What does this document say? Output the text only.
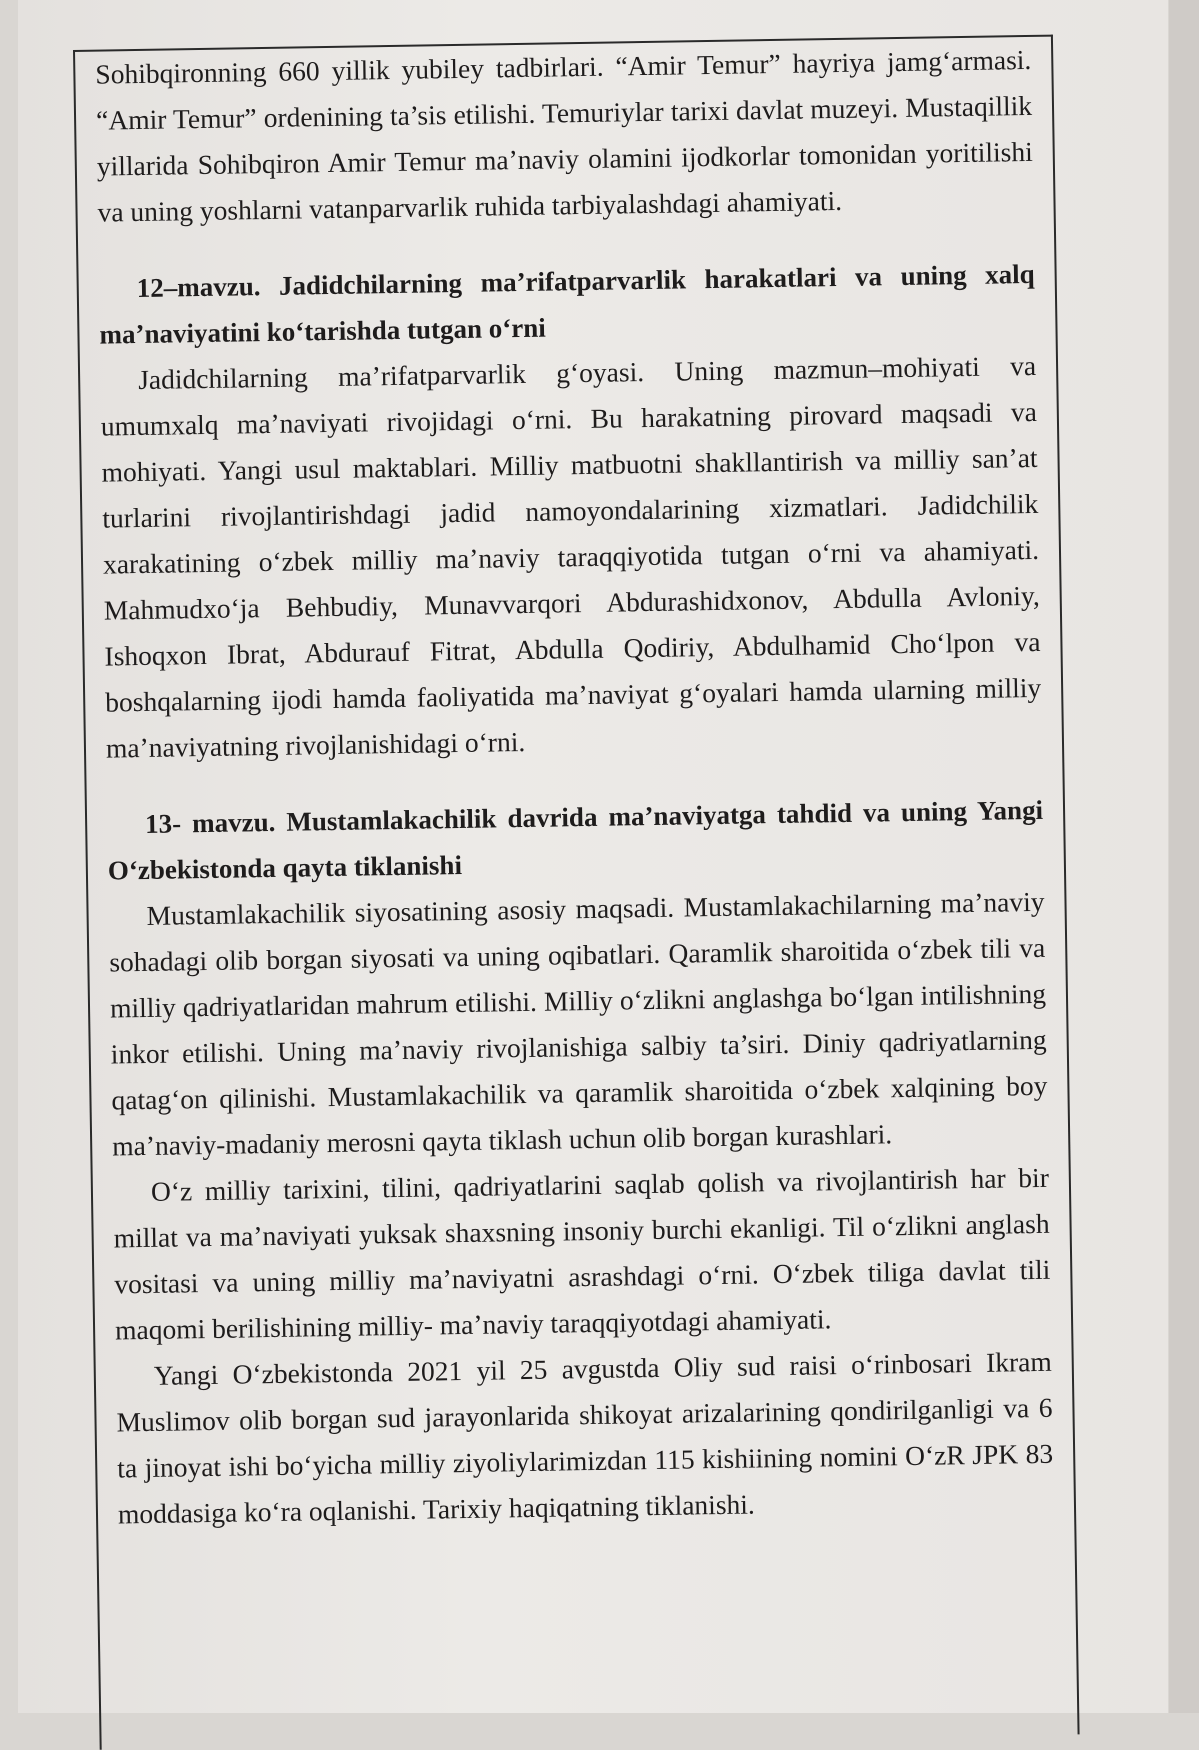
Sohibqironning 660 yillik yubiley tadbirlari. “Amir Temur” hayriya jamg‘armasi. “Amir Temur” ordenining ta’sis etilishi. Temuriylar tarixi davlat muzeyi. Mustaqillik yillarida Sohibqiron Amir Temur ma’naviy olamini ijodkorlar tomonidan yoritilishi va uning yoshlarni vatanparvarlik ruhida tarbiyalashdagi ahamiyati.

12–mavzu. Jadidchilarning ma’rifatparvarlik harakatlari va uning xalq ma’naviyatini ko‘tarishda tutgan o‘rni

Jadidchilarning ma’rifatparvarlik g‘oyasi. Uning mazmun–mohiyati va umumxalq ma’naviyati rivojidagi o‘rni. Bu harakatning pirovard maqsadi va mohiyati. Yangi usul maktablari. Milliy matbuotni shakllantirish va milliy san’at turlarini rivojlantirishdagi jadid namoyondalarining xizmatlari. Jadidchilik xarakatining o‘zbek milliy ma’naviy taraqqiyotida tutgan o‘rni va ahamiyati. Mahmudxo‘ja Behbudiy, Munavvarqori Abdurashidxonov, Abdulla Avloniy, Ishoqxon Ibrat, Abdurauf Fitrat, Abdulla Qodiriy, Abdulhamid Cho‘lpon va boshqalarning ijodi hamda faoliyatida ma’naviyat g‘oyalari hamda ularning milliy ma’naviyatning rivojlanishidagi o‘rni.

13- mavzu. Mustamlakachilik davrida ma’naviyatga tahdid va uning Yangi O‘zbekistonda qayta tiklanishi

Mustamlakachilik siyosatining asosiy maqsadi. Mustamlakachilarning ma’naviy sohadagi olib borgan siyosati va uning oqibatlari. Qaramlik sharoitida o‘zbek tili va milliy qadriyatlaridan mahrum etilishi. Milliy o‘zlikni anglashga bo‘lgan intilishning inkor etilishi. Uning ma’naviy rivojlanishiga salbiy ta’siri. Diniy qadriyatlarning qatag‘on qilinishi. Mustamlakachilik va qaramlik sharoitida o‘zbek xalqining boy ma’naviy-madaniy merosni qayta tiklash uchun olib borgan kurashlari.

O‘z milliy tarixini, tilini, qadriyatlarini saqlab qolish va rivojlantirish har bir millat va ma’naviyati yuksak shaxsning insoniy burchi ekanligi. Til o‘zlikni anglash vositasi va uning milliy ma’naviyatni asrashdagi o‘rni. O‘zbek tiliga davlat tili maqomi berilishining milliy- ma’naviy taraqqiyotdagi ahamiyati.

Yangi O‘zbekistonda 2021 yil 25 avgustda Oliy sud raisi o‘rinbosari Ikram Muslimov olib borgan sud jarayonlarida shikoyat arizalarining qondirilganligi va 6 ta jinoyat ishi bo‘yicha milliy ziyoliylarimizdan 115 kishiining nomini O‘zR JPK 83 moddasiga ko‘ra oqlanishi. Tarixiy haqiqatning tiklanishi.
